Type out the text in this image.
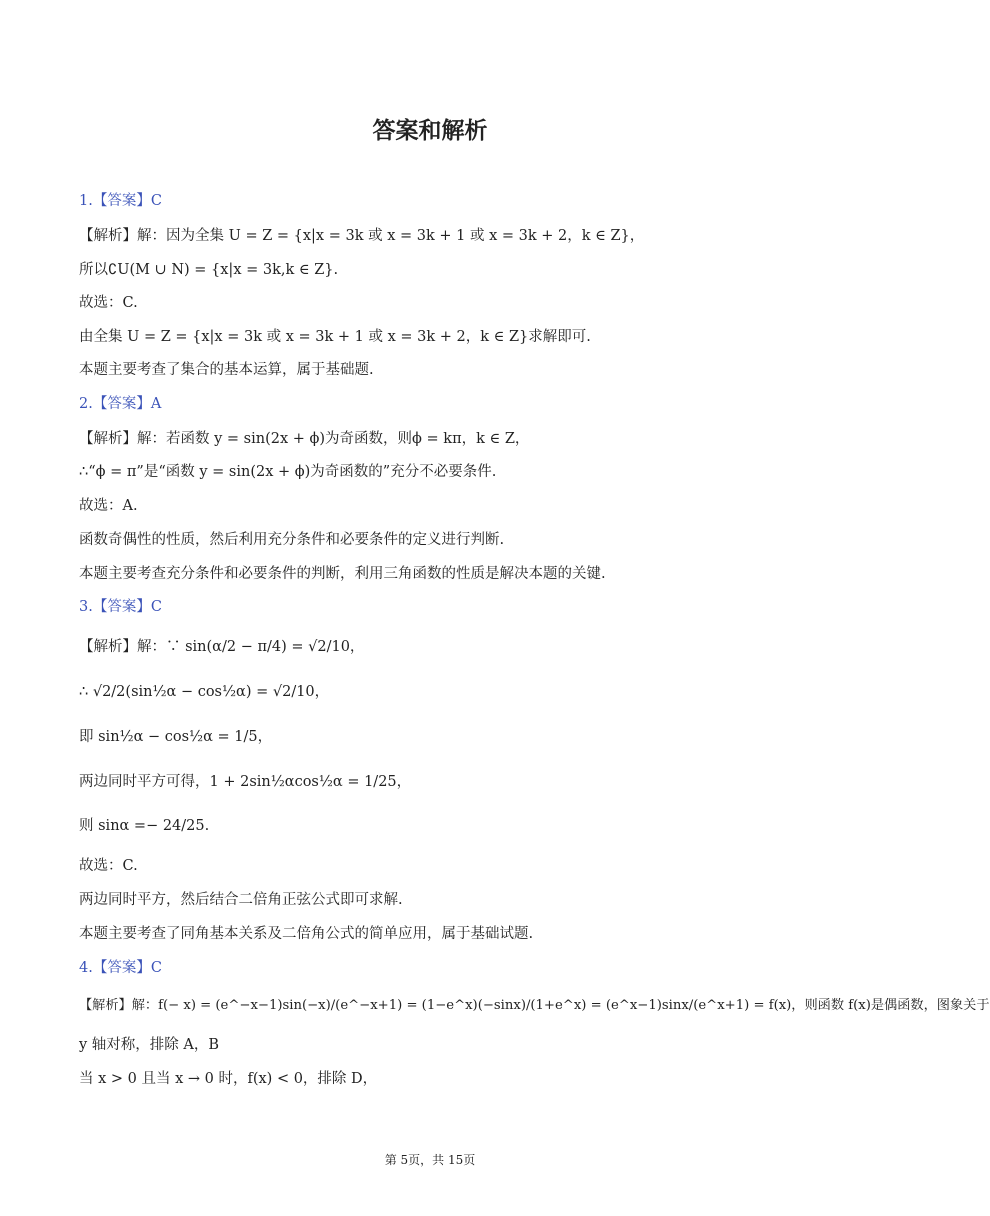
答案和解析
1.【答案】C
【解析】解：因为全集 U = Z = {x|x = 3k 或 x = 3k + 1 或 x = 3k + 2，k ∈ Z}，
所以∁U(M ∪ N) = {x|x = 3k,k ∈ Z}.
故选：C.
由全集 U = Z = {x|x = 3k 或 x = 3k + 1 或 x = 3k + 2，k ∈ Z}求解即可.
本题主要考查了集合的基本运算，属于基础题.
2.【答案】A
【解析】解：若函数 y = sin(2x + ϕ)为奇函数，则ϕ = kπ，k ∈ Z，
∴“ϕ = π”是“函数 y = sin(2x + ϕ)为奇函数的”充分不必要条件.
故选：A.
函数奇偶性的性质，然后利用充分条件和必要条件的定义进行判断.
本题主要考查充分条件和必要条件的判断，利用三角函数的性质是解决本题的关键.
3.【答案】C
【解析】解：∵ sin(α/2 − π/4) = √2/10，
∴ √2/2(sin½α − cos½α) = √2/10，
即 sin½α − cos½α = 1/5，
两边同时平方可得，1 + 2sin½αcos½α = 1/25，
则 sinα =− 24/25.
故选：C.
两边同时平方，然后结合二倍角正弦公式即可求解.
本题主要考查了同角基本关系及二倍角公式的简单应用，属于基础试题.
4.【答案】C
【解析】解：f(− x) = (e^−x−1)sin(−x)/(e^−x+1) = (1−e^x)(−sinx)/(1+e^x) = (e^x−1)sinx/(e^x+1) = f(x)，则函数 f(x)是偶函数，图象关于
y 轴对称，排除 A，B
当 x > 0 且当 x → 0 时，f(x) < 0，排除 D，
第 5页，共 15页
